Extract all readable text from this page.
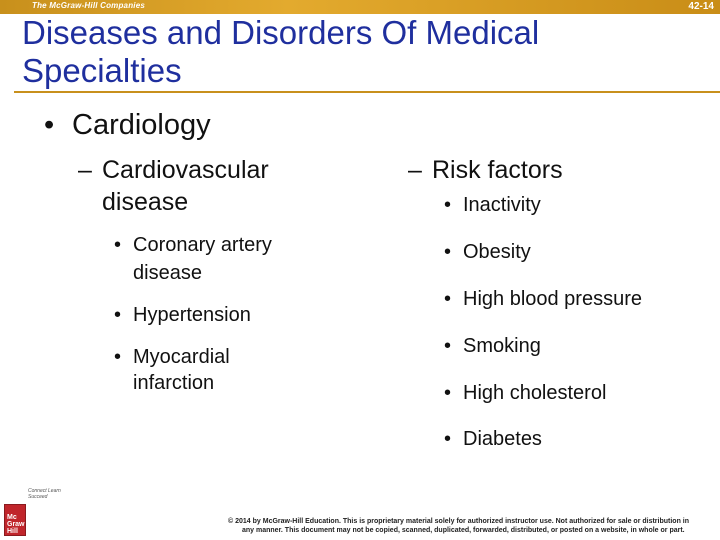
The McGraw-Hill Companies	42-14
Diseases and Disorders Of Medical
Specialties
• Cardiology
– Cardiovascular
disease
• Coronary artery
disease
• Hypertension
• Myocardial
infarction
– Risk factors
• Inactivity
• Obesity
• High blood pressure
• Smoking
• High cholesterol
• Diabetes
Mc Graw Hill
Connect Learn Succeed
© 2014 by McGraw-Hill Education. This is proprietary material solely for authorized instructor use. Not authorized for sale or distribution in
any manner. This document may not be copied, scanned, duplicated, forwarded, distributed, or posted on a website, in whole or part.
